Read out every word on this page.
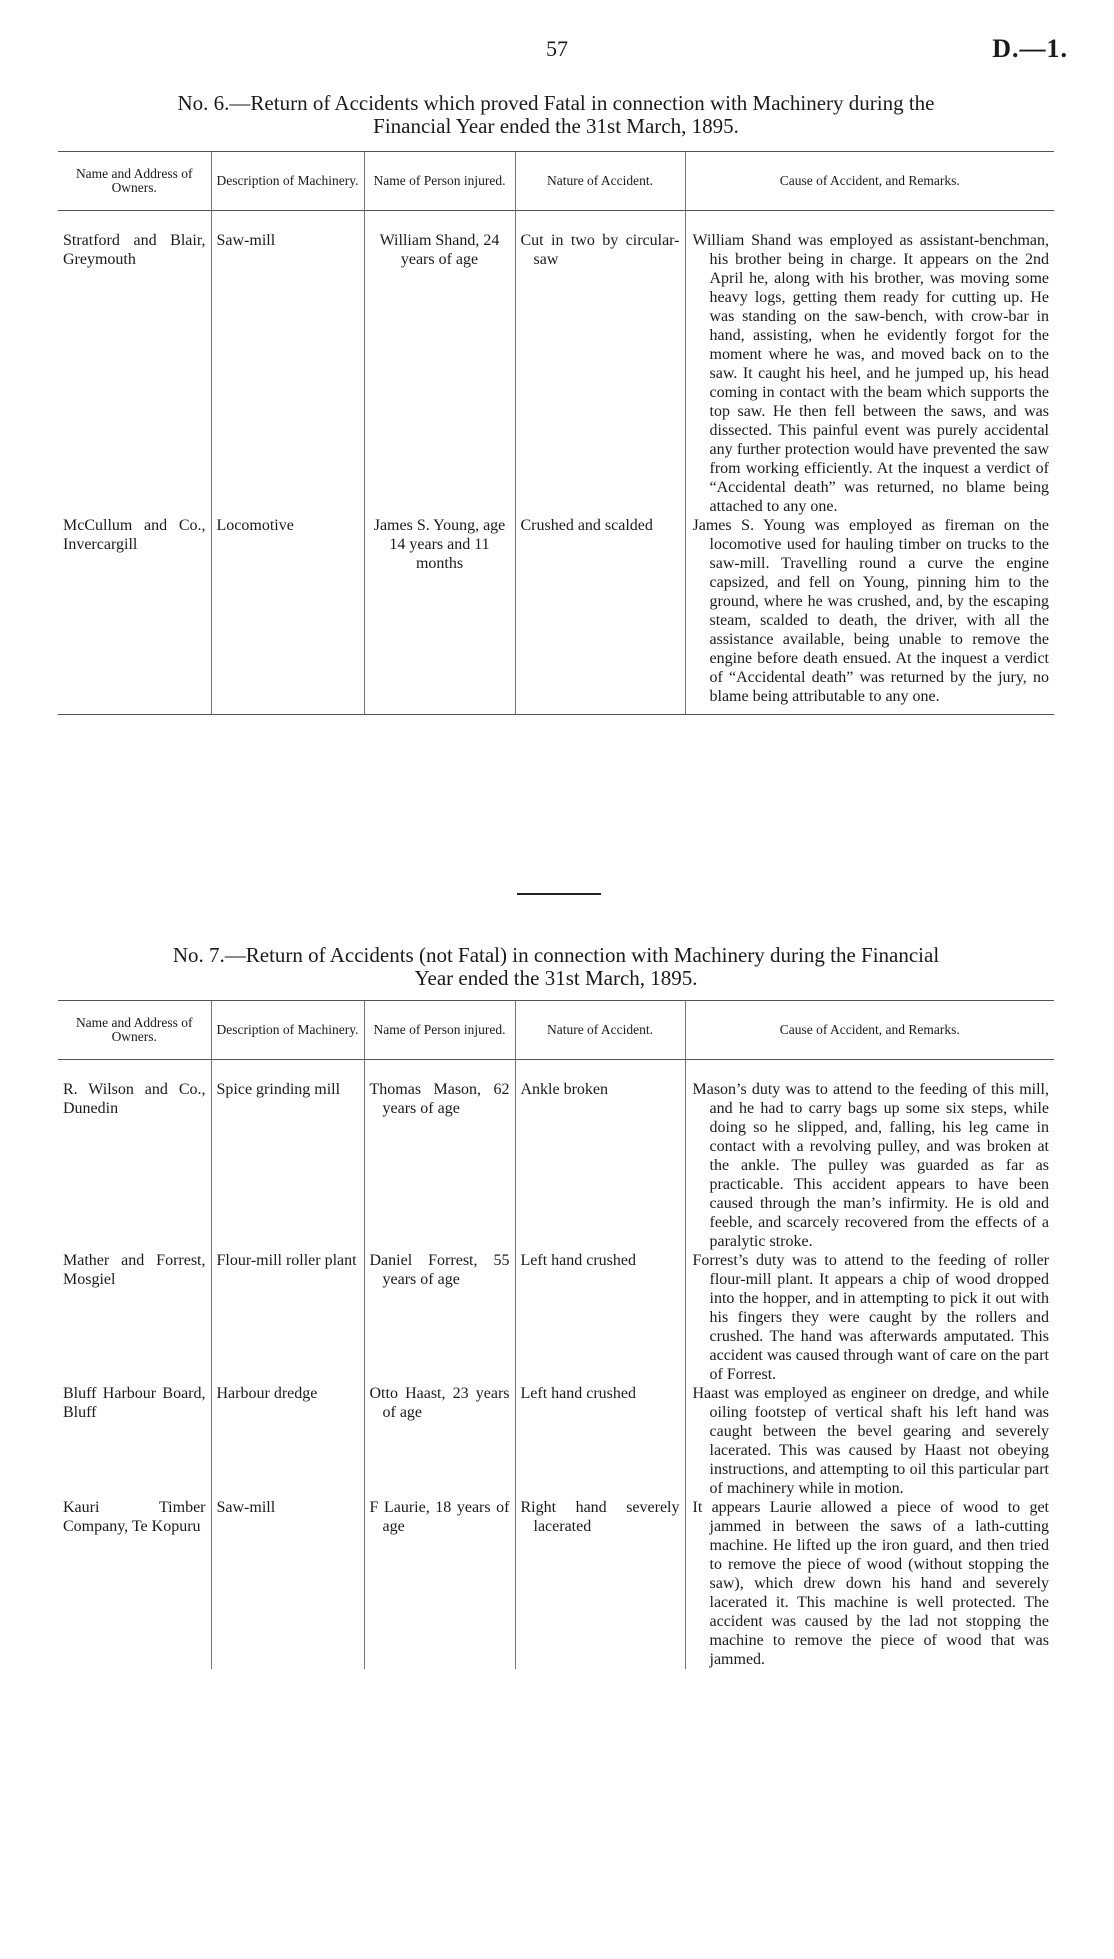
57	D.—1.
No. 6.—Return of Accidents which proved Fatal in connection with Machinery during the
Financial Year ended the 31st March, 1895.
Name and Address of Owners.	Description of Machinery.	Name of Person injured.	Nature of Accident.	Cause of Accident, and Remarks.

Stratford and Blair, Greymouth	Saw-mill	William Shand, 24 years of age	Cut in two by circular-saw	William Shand was employed as assistant-benchman, his brother being in charge. It appears on the 2nd April he, along with his brother, was moving some heavy logs, getting them ready for cutting up. He was standing on the saw-bench, with crow-bar in hand, assisting, when he evidently forgot for the moment where he was, and moved back on to the saw. It caught his heel, and he jumped up, his head coming in contact with the beam which supports the top saw. He then fell between the saws, and was dissected. This painful event was purely accidental any further protection would have prevented the saw from working efficiently. At the inquest a verdict of “Accidental death” was returned, no blame being attached to any one.
McCullum and Co., Invercargill	Locomotive	James S. Young, age 14 years and 11 months	Crushed and scalded	James S. Young was employed as fireman on the locomotive used for hauling timber on trucks to the saw-mill. Travelling round a curve the engine capsized, and fell on Young, pinning him to the ground, where he was crushed, and, by the escaping steam, scalded to death, the driver, with all the assistance available, being unable to remove the engine before death ensued. At the inquest a verdict of “Accidental death” was returned by the jury, no blame being attributable to any one.
No. 7.—Return of Accidents (not Fatal) in connection with Machinery during the Financial
Year ended the 31st March, 1895.
Name and Address of Owners.	Description of Machinery.	Name of Person injured.	Nature of Accident.	Cause of Accident, and Remarks.

R. Wilson and Co., Dunedin	Spice grinding mill	Thomas Mason, 62 years of age	Ankle broken	Mason’s duty was to attend to the feeding of this mill, and he had to carry bags up some six steps, while doing so he slipped, and, falling, his leg came in contact with a revolving pulley, and was broken at the ankle. The pulley was guarded as far as practicable. This accident appears to have been caused through the man’s infirmity. He is old and feeble, and scarcely recovered from the effects of a paralytic stroke.
Mather and Forrest, Mosgiel	Flour-mill roller plant	Daniel Forrest, 55 years of age	Left hand crushed	Forrest’s duty was to attend to the feeding of roller flour-mill plant. It appears a chip of wood dropped into the hopper, and in attempting to pick it out with his fingers they were caught by the rollers and crushed. The hand was afterwards amputated. This accident was caused through want of care on the part of Forrest.
Bluff Harbour Board, Bluff	Harbour dredge	Otto Haast, 23 years of age	Left hand crushed	Haast was employed as engineer on dredge, and while oiling footstep of vertical shaft his left hand was caught between the bevel gearing and severely lacerated. This was caused by Haast not obeying instructions, and attempting to oil this particular part of machinery while in motion.
Kauri Timber Company, Te Kopuru	Saw-mill	F Laurie, 18 years of age	Right hand severely lacerated	It appears Laurie allowed a piece of wood to get jammed in between the saws of a lath-cutting machine. He lifted up the iron guard, and then tried to remove the piece of wood (without stopping the saw), which drew down his hand and severely lacerated it. This machine is well protected. The accident was caused by the lad not stopping the machine to remove the piece of wood that was jammed.
